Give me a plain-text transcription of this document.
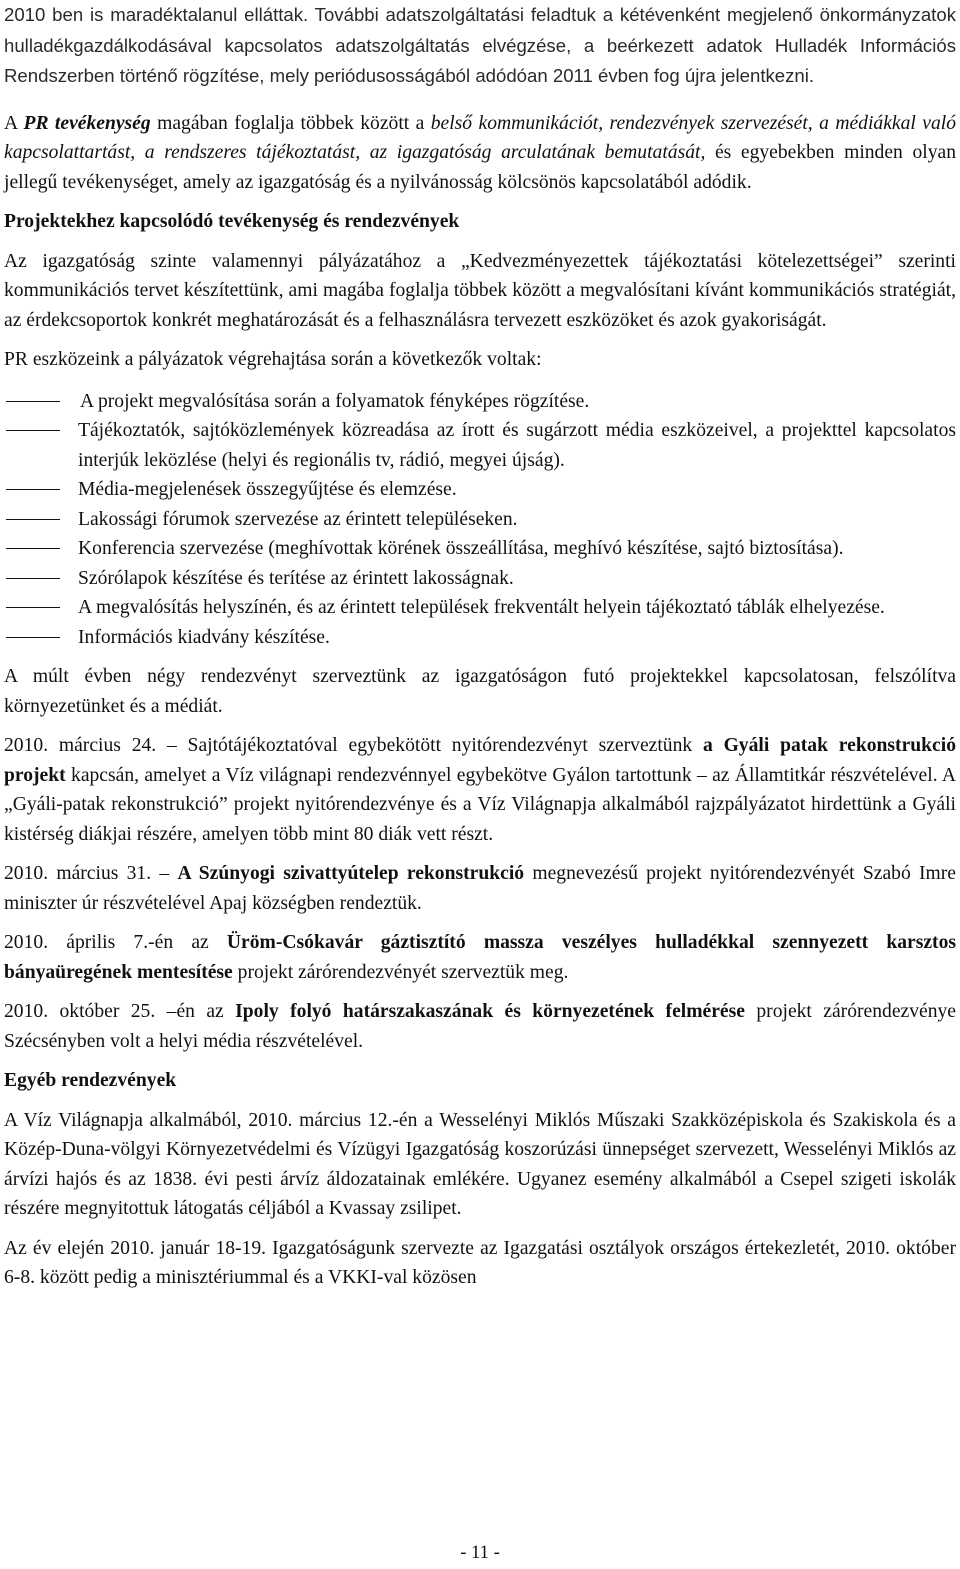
2010 ben is maradéktalanul elláttak. További adatszolgáltatási feladtuk a kétévenként megjelenő önkormányzatok hulladékgazdálkodásával kapcsolatos adatszolgáltatás elvégzése, a beérkezett adatok Hulladék Információs Rendszerben történő rögzítése, mely periódusosságából adódóan 2011 évben fog újra jelentkezni.

A PR tevékenység magában foglalja többek között a belső kommunikációt, rendezvények szervezését, a médiákkal való kapcsolattartást, a rendszeres tájékoztatást, az igazgatóság arculatának bemutatását, és egyebekben minden olyan jellegű tevékenységet, amely az igazgatóság és a nyilvánosság kölcsönös kapcsolatából adódik.

Projektekhez kapcsolódó tevékenység és rendezvények

Az igazgatóság szinte valamennyi pályázatához a „Kedvezményezettek tájékoztatási kötelezettségei” szerinti kommunikációs tervet készítettünk, ami magába foglalja többek között a megvalósítani kívánt kommunikációs stratégiát, az érdekcsoportok konkrét meghatározását és a felhasználásra tervezett eszközöket és azok gyakoriságát.

PR eszközeink a pályázatok végrehajtása során a következők voltak:

A projekt megvalósítása során a folyamatok fényképes rögzítése.
Tájékoztatók, sajtóközlemények közreadása az írott és sugárzott média eszközeivel, a projekttel kapcsolatos interjúk leközlése (helyi és regionális tv, rádió, megyei újság).
Média-megjelenések összegyűjtése és elemzése.
Lakossági fórumok szervezése az érintett településeken.
Konferencia szervezése (meghívottak körének összeállítása, meghívó készítése, sajtó biztosítása).
Szórólapok készítése és terítése az érintett lakosságnak.
A megvalósítás helyszínén, és az érintett települések frekventált helyein tájékoztató táblák elhelyezése.
Információs kiadvány készítése.

A múlt évben négy rendezvényt szerveztünk az igazgatóságon futó projektekkel kapcsolatosan, felszólítva környezetünket és a médiát.

2010. március 24. – Sajtótájékoztatóval egybekötött nyitórendezvényt szerveztünk a Gyáli patak rekonstrukció projekt kapcsán, amelyet a Víz világnapi rendezvénnyel egybekötve Gyálon tartottunk – az Államtitkár részvételével. A „Gyáli-patak rekonstrukció” projekt nyitórendezvénye és a Víz Világnapja alkalmából rajzpályázatot hirdettünk a Gyáli kistérség diákjai részére, amelyen több mint 80 diák vett részt.

2010. március 31. – A Szúnyogi szivattyútelep rekonstrukció megnevezésű projekt nyitórendezvényét Szabó Imre miniszter úr részvételével Apaj községben rendeztük.

2010. április 7.-én az Üröm-Csókavár gáztisztító massza veszélyes hulladékkal szennyezett karsztos bányaüregének mentesítése projekt zárórendezvényét szerveztük meg.

2010. október 25. –én az Ipoly folyó határszakaszának és környezetének felmérése projekt zárórendezvénye Szécsényben volt a helyi média részvételével.

Egyéb rendezvények

A Víz Világnapja alkalmából, 2010. március 12.-én a Wesselényi Miklós Műszaki Szakközépiskola és Szakiskola és a Közép-Duna-völgyi Környezetvédelmi és Vízügyi Igazgatóság koszorúzási ünnepséget szervezett, Wesselényi Miklós az árvízi hajós és az 1838. évi pesti árvíz áldozatainak emlékére. Ugyanez esemény alkalmából a Csepel szigeti iskolák részére megnyitottuk látogatás céljából a Kvassay zsilipet.

Az év elején 2010. január 18-19. Igazgatóságunk szervezte az Igazgatási osztályok országos értekezletét, 2010. október 6-8. között pedig a minisztériummal és a VKKI-val közösen

- 11 -
